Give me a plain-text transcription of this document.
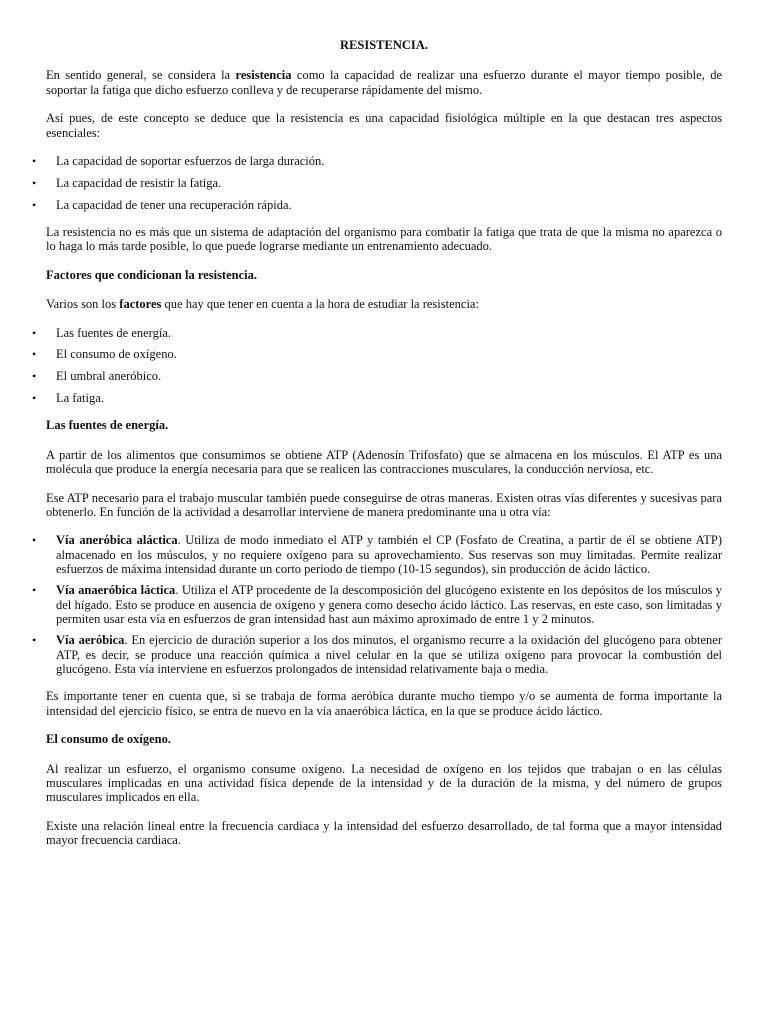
RESISTENCIA.

En sentido general, se considera la resistencia como la capacidad de realizar una esfuerzo durante el mayor tiempo posible, de soportar la fatiga que dicho esfuerzo conlleva y de recuperarse rápidamente del mismo.

Así pues, de este concepto se deduce que la resistencia es una capacidad fisiológica múltiple en la que destacan tres aspectos esenciales:

• La capacidad de soportar esfuerzos de larga duración.
• La capacidad de resistir la fatiga.
• La capacidad de tener una recuperación rápida.

La resistencia no es más que un sistema de adaptación del organismo para combatir la fatiga que trata de que la misma no aparezca o lo haga lo más tarde posible, lo que puede lograrse mediante un entrenamiento adecuado.

Factores que condicionan la resistencia.

Varios son los factores que hay que tener en cuenta a la hora de estudiar la resistencia:

• Las fuentes de energía.
• El consumo de oxígeno.
• El umbral aneróbico.
• La fatiga.
Las fuentes de energía.

A partir de los alimentos que consumimos se obtiene ATP (Adenosín Trifosfato) que se almacena en los músculos. El ATP es una molécula que produce la energía necesaria para que se realicen las contracciones musculares, la conducción nerviosa, etc.

Ese ATP necesario para el trabajo muscular también puede conseguirse de otras maneras. Existen otras vías diferentes y sucesivas para obtenerlo. En función de la actividad a desarrollar interviene de manera predominante una u otra vía:

• Vía anerόbica aláctica. Utiliza de modo inmediato el ATP y también el CP (Fosfato de Creatina, a partir de él se obtiene ATP) almacenado en los músculos, y no requiere oxígeno para su aprovechamiento. Sus reservas son muy limitadas. Permite realizar esfuerzos de máxima intensidad durante un corto periodo de tiempo (10-15 segundos), sin producción de ácido láctico.
• Vía anaeróbica láctica. Utiliza el ATP procedente de la descomposición del glucógeno existente en los depósitos de los músculos y del hígado. Esto se produce en ausencia de oxígeno y genera como desecho ácido láctico. Las reservas, en este caso, son limitadas y permiten usar esta vía en esfuerzos de gran intensidad hast aun máximo aproximado de entre 1 y 2 minutos.
• Vía aeróbica. En ejercicio de duración superior a los dos minutos, el organismo recurre a la oxidación del glucógeno para obtener ATP, es decir, se produce una reacción química a nivel celular en la que se utiliza oxígeno para provocar la combustión del glucógeno. Esta vía interviene en esfuerzos prolongados de intensidad relativamente baja o media.

Es importante tener en cuenta que, si se trabaja de forma aeróbica durante mucho tiempo y/o se aumenta de forma importante la intensidad del ejercicio físico, se entra de nuevo en la vía anaeróbica láctica, en la que se produce ácido láctico.

El consumo de oxígeno.

Al realizar un esfuerzo, el organismo consume oxígeno. La necesidad de oxígeno en los tejidos que trabajan o en las células musculares implicadas en una actividad física depende de la intensidad y de la duración de la misma, y del número de grupos musculares implicados en ella.

Existe una relación lineal entre la frecuencia cardiaca y la intensidad del esfuerzo desarrollado, de tal forma que a mayor intensidad mayor frecuencia cardiaca.
